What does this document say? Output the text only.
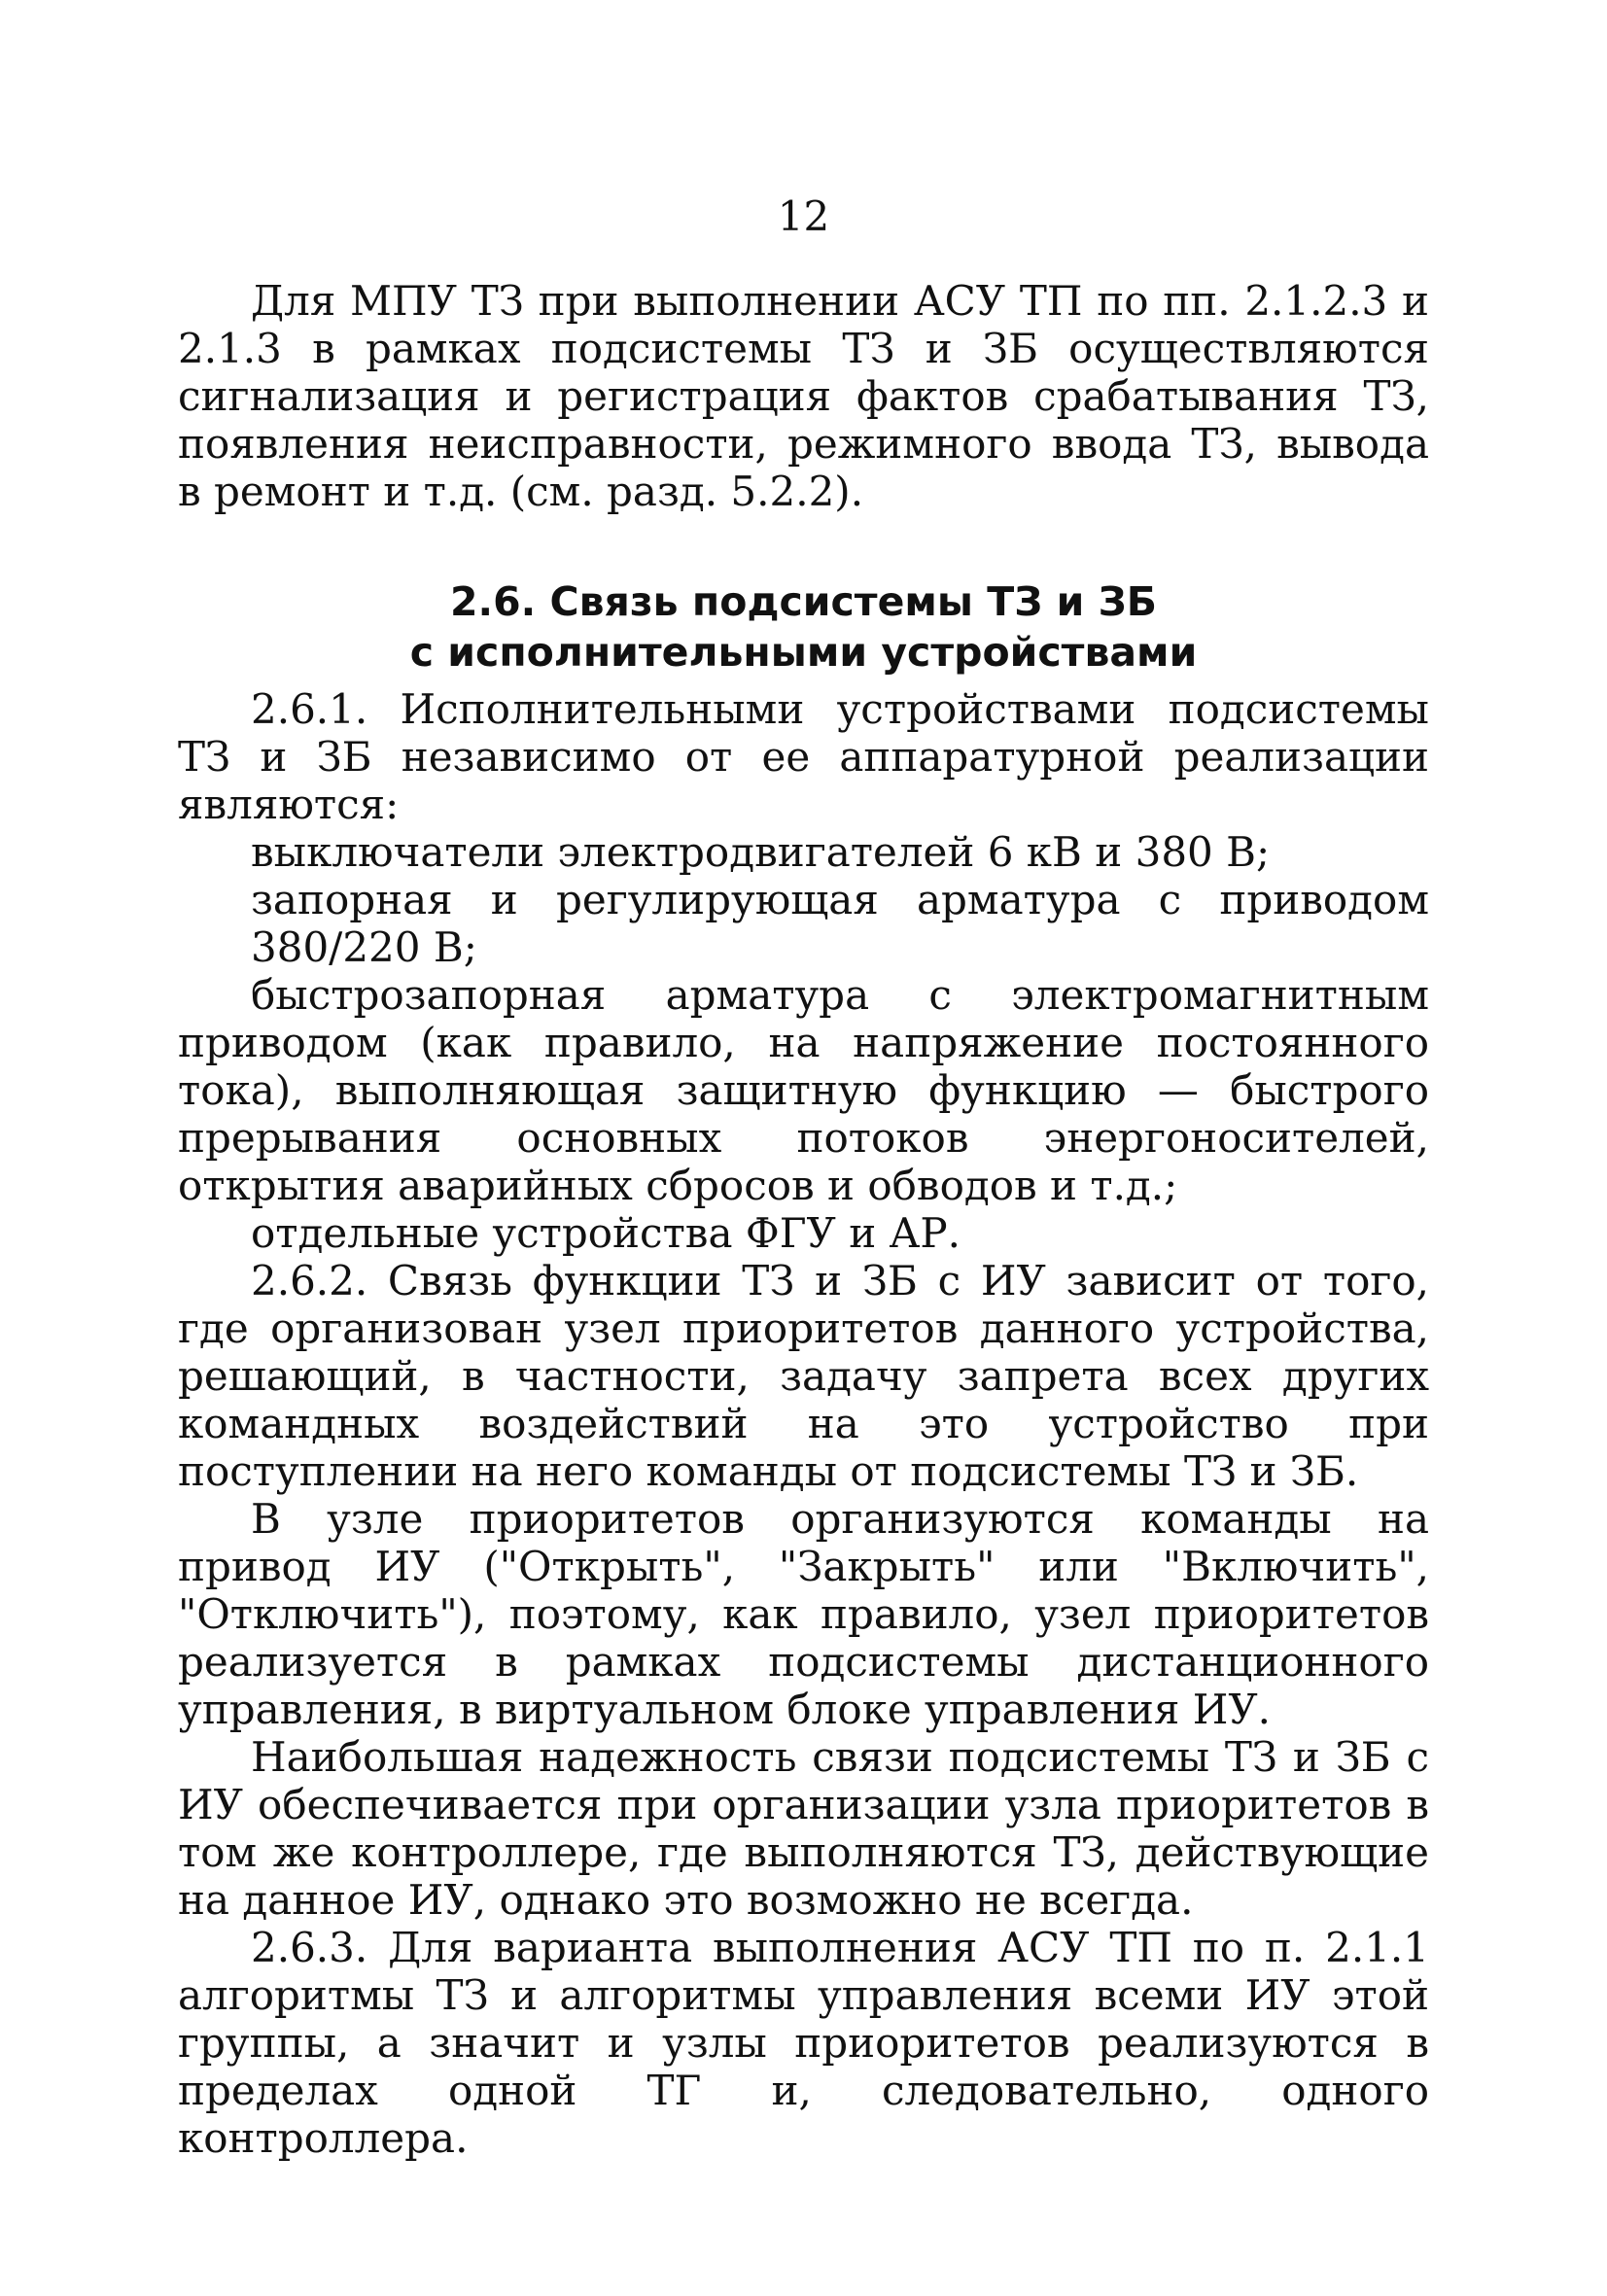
12

Для МПУ ТЗ при выполнении АСУ ТП по пп. 2.1.2.3 и 2.1.3 в рамках подсистемы ТЗ и ЗБ осуществляются сигнализация и регистрация фактов срабатывания ТЗ, появления неисправности, режимного ввода ТЗ, вывода в ремонт и т.д. (см. разд. 5.2.2).

2.6. Связь подсистемы ТЗ и ЗБ
с исполнительными устройствами

2.6.1. Исполнительными устройствами подсистемы ТЗ и ЗБ независимо от ее аппаратурной реализации являются:

выключатели электродвигателей 6 кВ и 380 В;

запорная и регулирующая арматура с приводом 380/220 В;

быстрозапорная арматура с электромагнитным приводом (как правило, на напряжение постоянного тока), выполняющая защитную функцию — быстрого прерывания основных потоков энергоносителей, открытия аварийных сбросов и обводов и т.д.;

отдельные устройства ФГУ и АР.

2.6.2. Связь функции ТЗ и ЗБ с ИУ зависит от того, где организован узел приоритетов данного устройства, решающий, в частности, задачу запрета всех других командных воздействий на это устройство при поступлении на него команды от подсистемы ТЗ и ЗБ.

В узле приоритетов организуются команды на привод ИУ ("Открыть", "Закрыть" или "Включить", "Отключить"), поэтому, как правило, узел приоритетов реализуется в рамках подсистемы дистанционного управления, в виртуальном блоке управления ИУ.

Наибольшая надежность связи подсистемы ТЗ и ЗБ с ИУ обеспечивается при организации узла приоритетов в том же контроллере, где выполняются ТЗ, действующие на данное ИУ, однако это возможно не всегда.

2.6.3. Для варианта выполнения АСУ ТП по п. 2.1.1 алгоритмы ТЗ и алгоритмы управления всеми ИУ этой группы, а значит и узлы приоритетов реализуются в пределах одной ТГ и, следовательно, одного контроллера.
